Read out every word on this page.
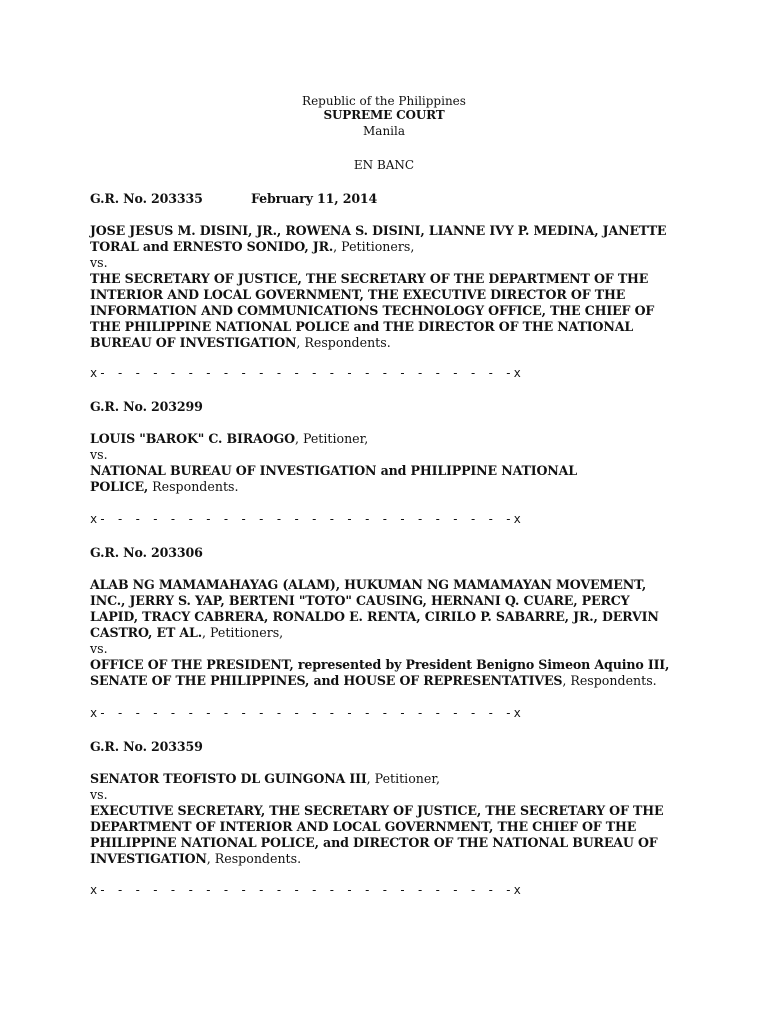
Republic of the Philippines
SUPREME COURT
Manila
EN BANC
G.R. No. 203335	February 11, 2014
JOSE JESUS M. DISINI, JR., ROWENA S. DISINI, LIANNE IVY P. MEDINA, JANETTE
TORAL and ERNESTO SONIDO, JR., Petitioners,
vs.
THE SECRETARY OF JUSTICE, THE SECRETARY OF THE DEPARTMENT OF THE
INTERIOR AND LOCAL GOVERNMENT, THE EXECUTIVE DIRECTOR OF THE
INFORMATION AND COMMUNICATIONS TECHNOLOGY OFFICE, THE CHIEF OF
THE PHILIPPINE NATIONAL POLICE and THE DIRECTOR OF THE NATIONAL
BUREAU OF INVESTIGATION, Respondents.
x- - - - - - - - - - - - - - - - - - - - - - - -x
G.R. No. 203299
LOUIS "BAROK" C. BIRAOGO, Petitioner,
vs.
NATIONAL BUREAU OF INVESTIGATION and PHILIPPINE NATIONAL
POLICE, Respondents.
x- - - - - - - - - - - - - - - - - - - - - - - -x
G.R. No. 203306
ALAB NG MAMAMAHAYAG (ALAM), HUKUMAN NG MAMAMAYAN MOVEMENT,
INC., JERRY S. YAP, BERTENI "TOTO" CAUSING, HERNANI Q. CUARE, PERCY
LAPID, TRACY CABRERA, RONALDO E. RENTA, CIRILO P. SABARRE, JR., DERVIN
CASTRO, ET AL., Petitioners,
vs.
OFFICE OF THE PRESIDENT, represented by President Benigno Simeon Aquino III,
SENATE OF THE PHILIPPINES, and HOUSE OF REPRESENTATIVES, Respondents.
x- - - - - - - - - - - - - - - - - - - - - - - -x
G.R. No. 203359
SENATOR TEOFISTO DL GUINGONA III, Petitioner,
vs.
EXECUTIVE SECRETARY, THE SECRETARY OF JUSTICE, THE SECRETARY OF THE
DEPARTMENT OF INTERIOR AND LOCAL GOVERNMENT, THE CHIEF OF THE
PHILIPPINE NATIONAL POLICE, and DIRECTOR OF THE NATIONAL BUREAU OF
INVESTIGATION, Respondents.
x- - - - - - - - - - - - - - - - - - - - - - - -x
